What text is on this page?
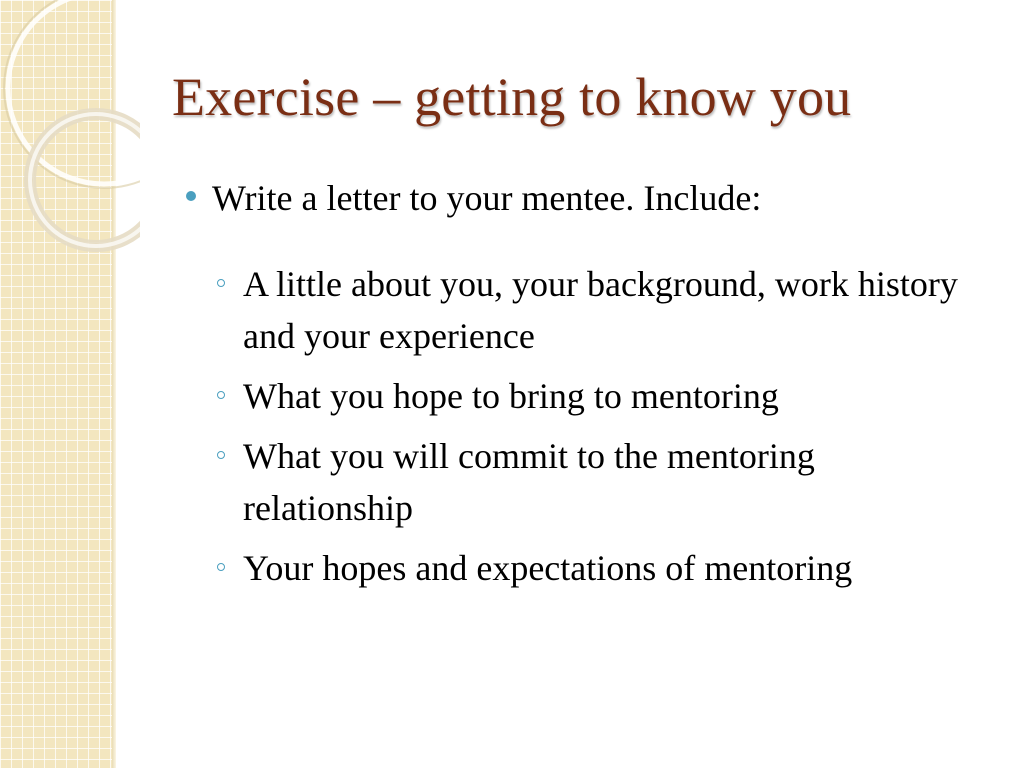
Exercise – getting to know you
Write a letter to your mentee. Include:
A little about you, your background, work history and your experience
What you hope to bring to mentoring
What you will commit to the mentoring relationship
Your hopes and expectations of mentoring
